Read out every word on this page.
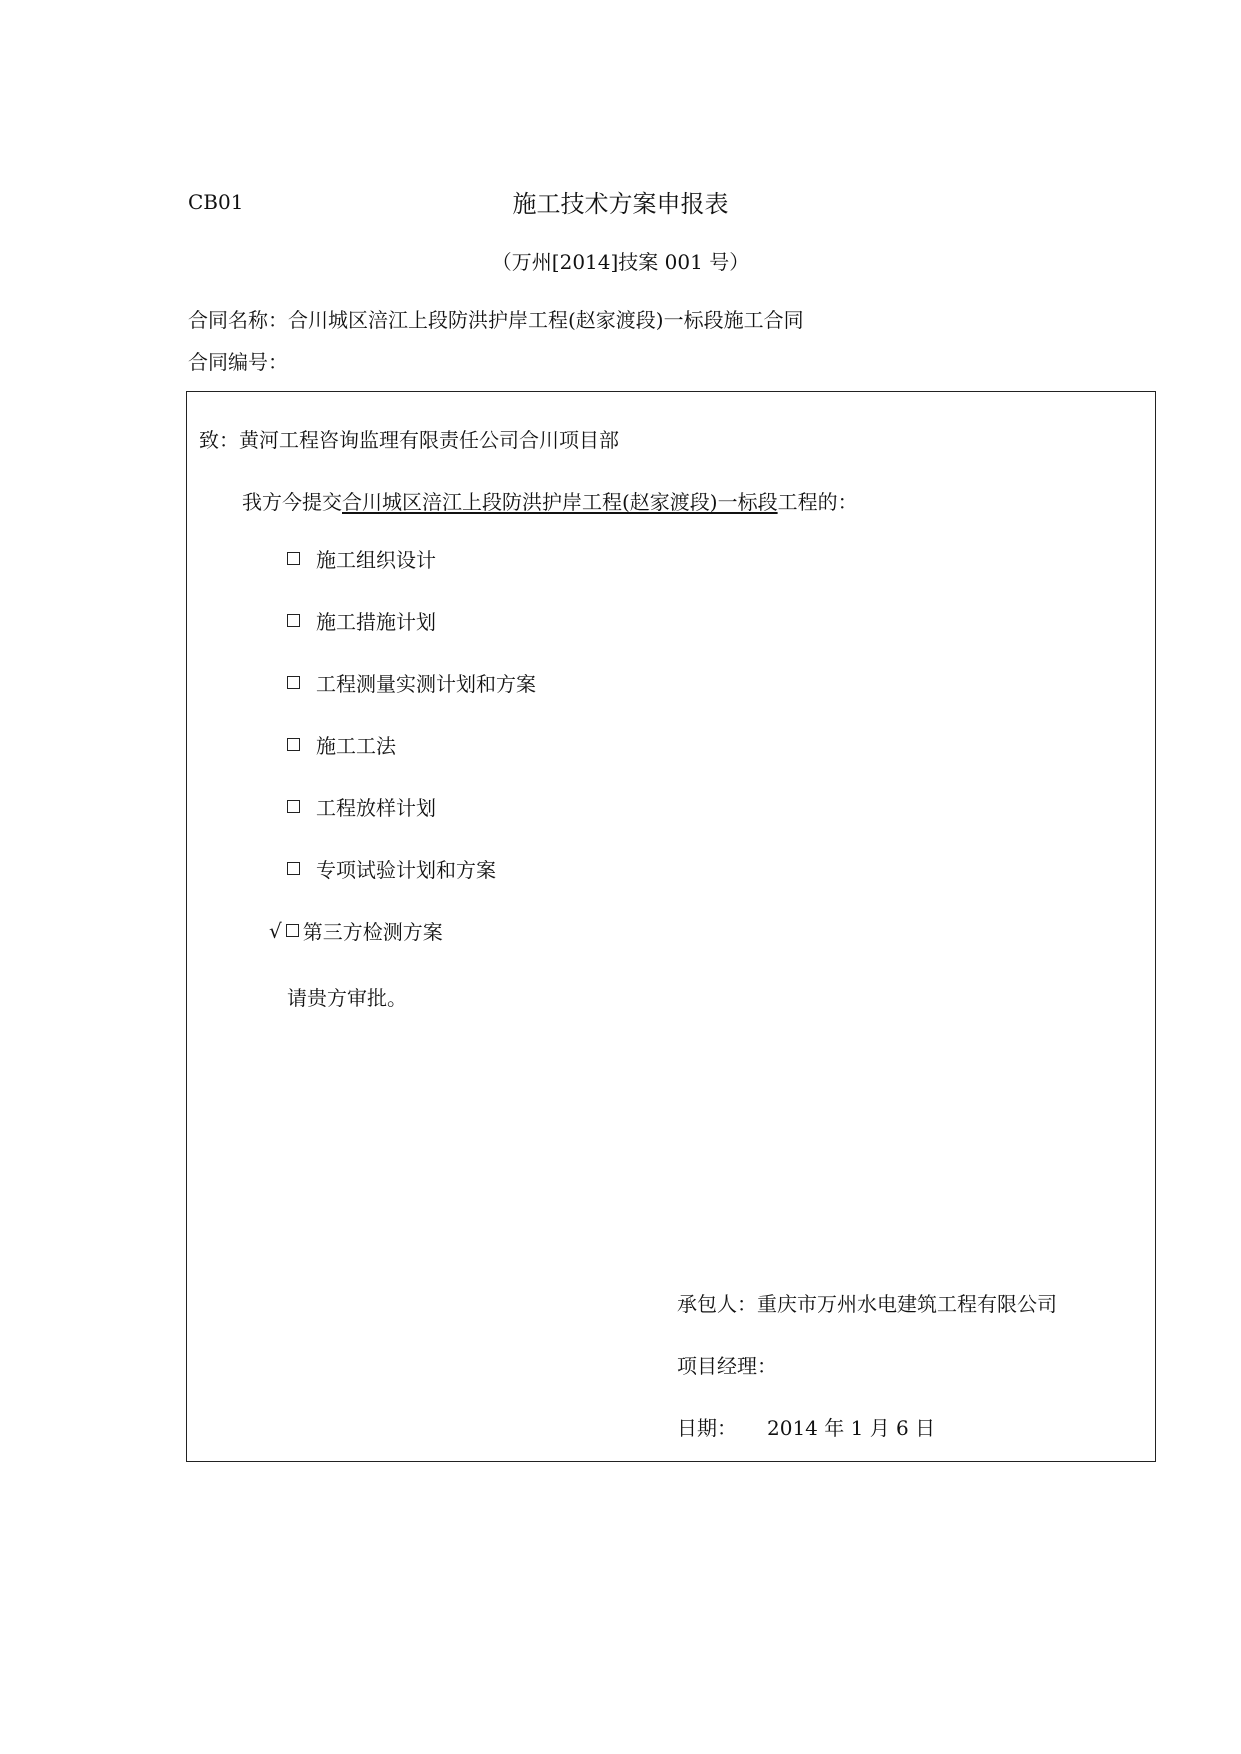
CB01	施工技术方案申报表
（万州[2014]技案 001 号）
合同名称：合川城区涪江上段防洪护岸工程(赵家渡段)一标段施工合同
合同编号：
致：黄河工程咨询监理有限责任公司合川项目部
我方今提交合川城区涪江上段防洪护岸工程(赵家渡段)一标段工程的：
施工组织设计
施工措施计划
工程测量实测计划和方案
施工工法
工程放样计划
专项试验计划和方案
√ 第三方检测方案
请贵方审批。
承包人：重庆市万州水电建筑工程有限公司
项目经理：
日期： 2014 年 1 月 6 日
